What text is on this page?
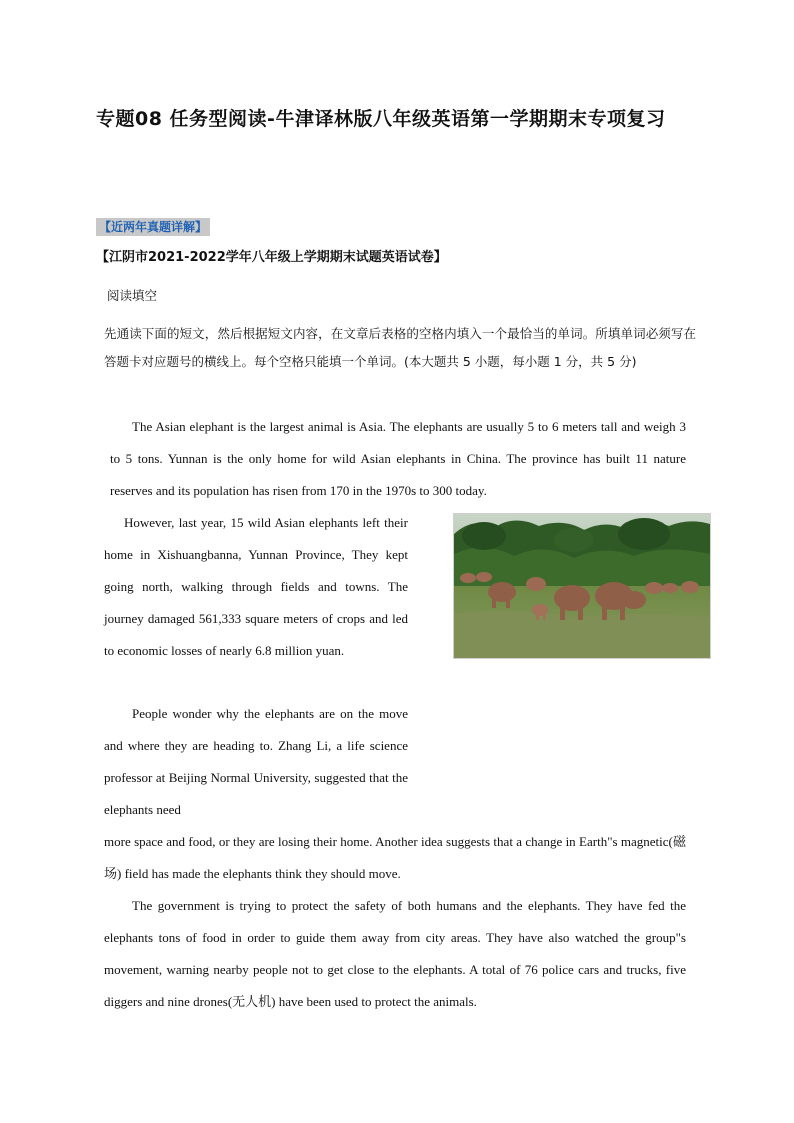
专题08 任务型阅读-牛津译林版八年级英语第一学期期末专项复习
【近两年真题详解】
【江阴市2021-2022学年八年级上学期期末试题英语试卷】
阅读填空

先通读下面的短文，然后根据短文内容，在文章后表格的空格内填入一个最恰当的单词。所填单词必须写在答题卡对应题号的横线上。每个空格只能填一个单词。(本大题共 5 小题，每小题 1 分，共 5 分)

The Asian elephant is the largest animal is Asia. The elephants are usually 5 to 6 meters tall and weigh 3 to 5 tons. Yunnan is the only home for wild Asian elephants in China. The province has built 11 nature reserves and its population has risen from 170 in the 1970s to 300 today.

However, last year, 15 wild Asian elephants left their home in Xishuangbanna, Yunnan Province, They kept going north, walking through fields and towns. The journey damaged 561,333 square meters of crops and led to economic losses of nearly 6.8 million yuan.

People wonder why the elephants are on the move and where they are heading to. Zhang Li, a life science professor at Beijing Normal University, suggested that the elephants need

more space and food, or they are losing their home. Another idea suggests that a change in Earth"s magnetic(磁场) field has made the elephants think they should move.

The government is trying to protect the safety of both humans and the elephants. They have fed the elephants tons of food in order to guide them away from city areas. They have also watched the group"s movement, warning nearby people not to get close to the elephants. A total of 76 police cars and trucks, five diggers and nine drones(无人机) have been used to protect the animals.
